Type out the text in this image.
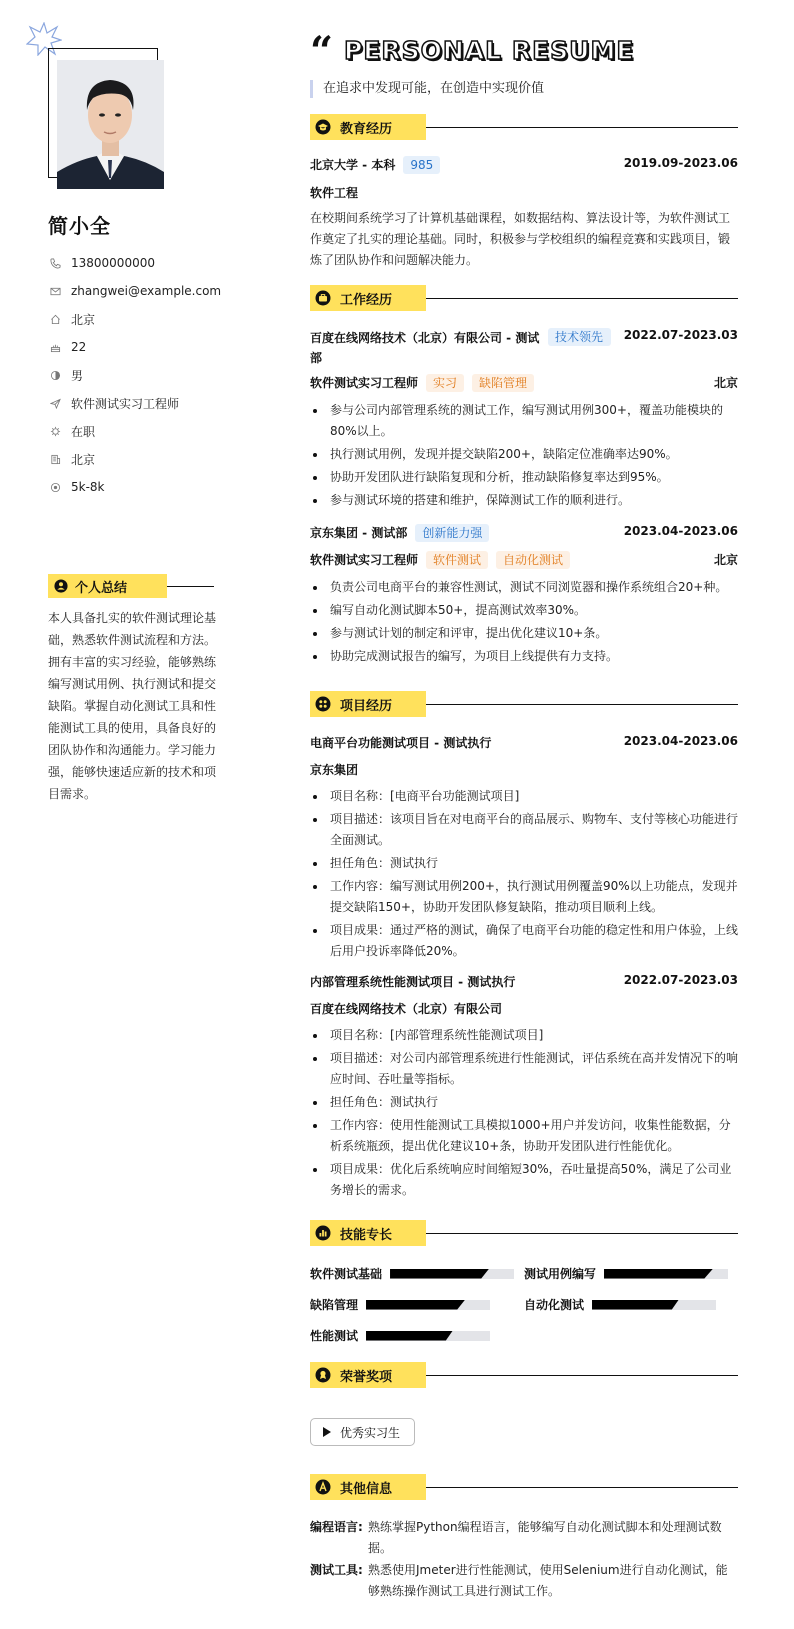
简小全
13800000000
zhangwei@example.com
北京
22
男
软件测试实习工程师
在职
北京
5k-8k
个人总结
本人具备扎实的软件测试理论基础，熟悉软件测试流程和方法。拥有丰富的实习经验，能够熟练编写测试用例、执行测试和提交缺陷。掌握自动化测试工具和性能测试工具的使用，具备良好的团队协作和沟通能力。学习能力强，能够快速适应新的技术和项目需求。
“ PERSONAL RESUME
在追求中发现可能，在创造中实现价值
教育经历
北京大学 - 本科 985	2019.09-2023.06
软件工程
在校期间系统学习了计算机基础课程，如数据结构、算法设计等，为软件测试工作奠定了扎实的理论基础。同时，积极参与学校组织的编程竞赛和实践项目，锻炼了团队协作和问题解决能力。
工作经历
百度在线网络技术（北京）有限公司 - 测试部
技术领先	2022.07-2023.03
软件测试实习工程师 实习 缺陷管理	北京
参与公司内部管理系统的测试工作，编写测试用例300+，覆盖功能模块的80%以上。
执行测试用例，发现并提交缺陷200+，缺陷定位准确率达90%。
协助开发团队进行缺陷复现和分析，推动缺陷修复率达到95%。
参与测试环境的搭建和维护，保障测试工作的顺利进行。
京东集团 - 测试部 创新能力强	2023.04-2023.06
软件测试实习工程师 软件测试 自动化测试	北京
负责公司电商平台的兼容性测试，测试不同浏览器和操作系统组合20+种。
编写自动化测试脚本50+，提高测试效率30%。
参与测试计划的制定和评审，提出优化建议10+条。
协助完成测试报告的编写，为项目上线提供有力支持。
项目经历
电商平台功能测试项目 - 测试执行	2023.04-2023.06
京东集团
项目名称：[电商平台功能测试项目]
项目描述：该项目旨在对电商平台的商品展示、购物车、支付等核心功能进行全面测试。
担任角色：测试执行
工作内容：编写测试用例200+，执行测试用例覆盖90%以上功能点，发现并提交缺陷150+，协助开发团队修复缺陷，推动项目顺利上线。
项目成果：通过严格的测试，确保了电商平台功能的稳定性和用户体验，上线后用户投诉率降低20%。
内部管理系统性能测试项目 - 测试执行	2022.07-2023.03
百度在线网络技术（北京）有限公司
项目名称：[内部管理系统性能测试项目]
项目描述：对公司内部管理系统进行性能测试，评估系统在高并发情况下的响应时间、吞吐量等指标。
担任角色：测试执行
工作内容：使用性能测试工具模拟1000+用户并发访问，收集性能数据，分析系统瓶颈，提出优化建议10+条，协助开发团队进行性能优化。
项目成果：优化后系统响应时间缩短30%，吞吐量提高50%，满足了公司业务增长的需求。
技能专长
软件测试基础	测试用例编写
缺陷管理	自动化测试
性能测试
荣誉奖项
优秀实习生
其他信息
编程语言: 熟练掌握Python编程语言，能够编写自动化测试脚本和处理测试数据。
测试工具: 熟悉使用Jmeter进行性能测试，使用Selenium进行自动化测试，能够熟练操作测试工具进行测试工作。
